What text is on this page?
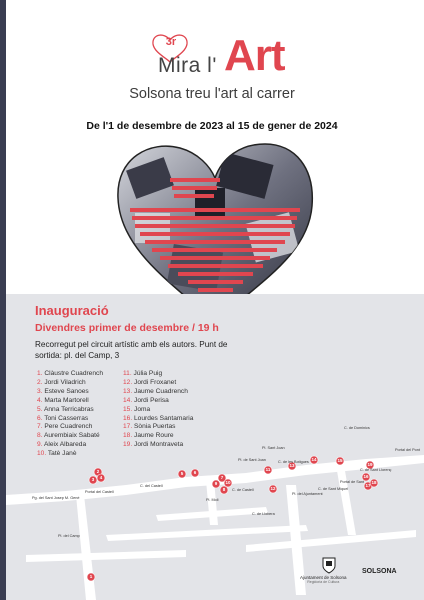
3r
Mira l' Art
Solsona treu l'art al carrer
De l'1 de desembre de 2023 al 15 de gener de 2024
Inauguració
Divendres primer de desembre / 19 h
Recorregut pel circuit artístic amb els autors. Punt de sortida: pl. del Camp, 3
1. Clàustre Cuadrench
2. Jordi Viladrich
3. Esteve Sanoes
4. Marta Martorell
5. Anna Terricabras
6. Toni Casserras
7. Pere Cuadrench
8. Aurembiaix Sabaté
9. Aleix Albareda
10. Tatè Janè
11. Júlia Puig
12. Jordi Froxanet
13. Jaume Cuadrench
14. Jordi Perisa
15. Joma
16. Lourdes Santamaria
17. Sònia Puertas
18. Jaume Roure
19. Jordi Montraveta
Pg. del Sant Josep M. Gené
Portal del Castell
Pl. del Camp
C. del Castell
C. de Castell
Pl. de Sant Joan	C. de les Botigues
C. de Sant Miquel
Pl. del Ajuntament
C. de Llobera
C. de Dominics
Portal del Pont
Pl. Sant Joan
C. de Sant Llorenç
Pl. Moli
Portal de Sant
1
2
3	4
5	6
7
8
9	10
11
12
13
14	15
16
17
18
19
Ajuntament de Solsona
Regidoria de Cultura
SOLSONA
